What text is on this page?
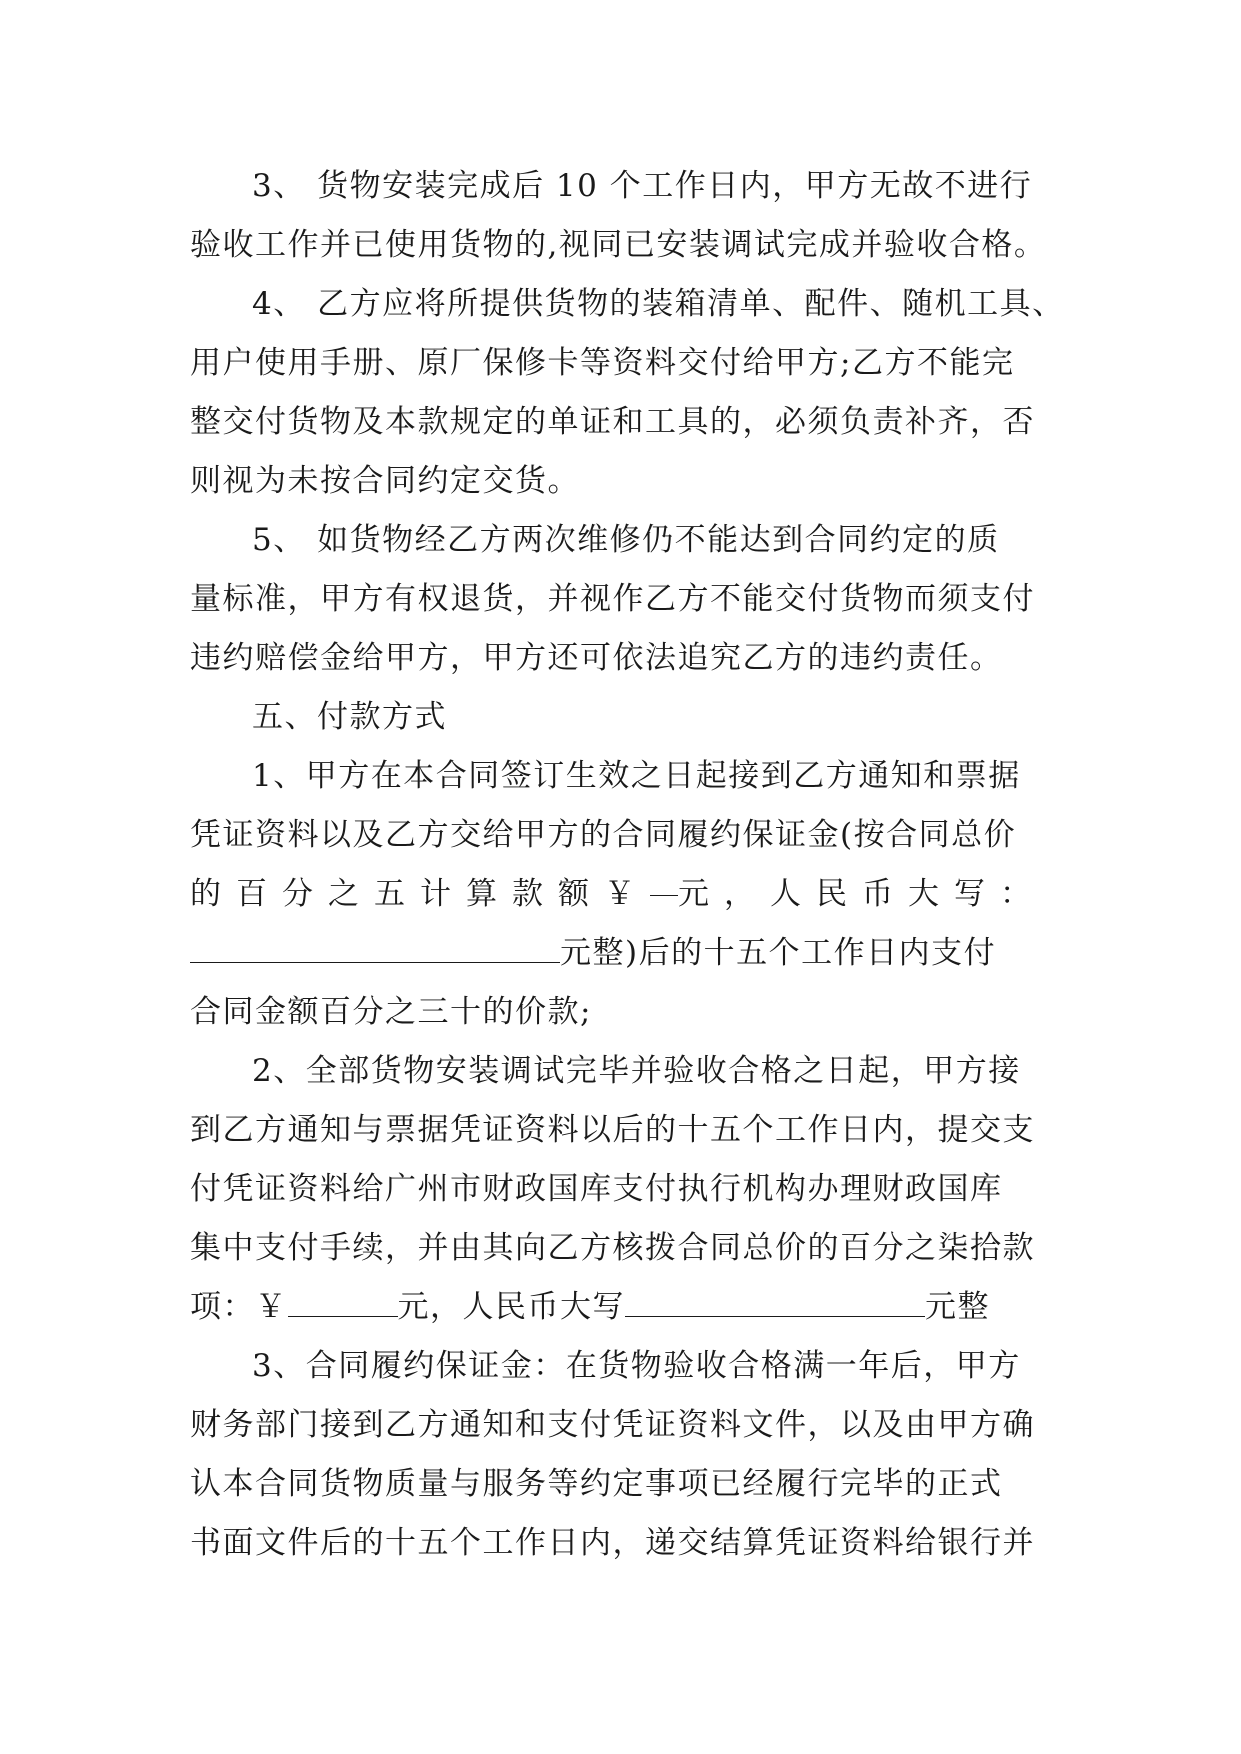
3、 货物安装完成后 10 个工作日内，甲方无故不进行
验收工作并已使用货物的,视同已安装调试完成并验收合格。

4、 乙方应将所提供货物的装箱清单、配件、随机工具、
用户使用手册、原厂保修卡等资料交付给甲方;乙方不能完
整交付货物及本款规定的单证和工具的，必须负责补齐，否
则视为未按合同约定交货。

5、 如货物经乙方两次维修仍不能达到合同约定的质
量标准，甲方有权退货，并视作乙方不能交付货物而须支付
违约赔偿金给甲方，甲方还可依法追究乙方的违约责任。

五、付款方式

1、甲方在本合同签订生效之日起接到乙方通知和票据
凭证资料以及乙方交给甲方的合同履约保证金(按合同总价
的百分之五计算款额￥ 元，人民币大写：
元整)后的十五个工作日内支付
合同金额百分之三十的价款;

2、全部货物安装调试完毕并验收合格之日起，甲方接
到乙方通知与票据凭证资料以后的十五个工作日内，提交支
付凭证资料给广州市财政国库支付执行机构办理财政国库
集中支付手续，并由其向乙方核拨合同总价的百分之柒拾款
项：￥	元，人民币大写	元整

3、合同履约保证金：在货物验收合格满一年后，甲方
财务部门接到乙方通知和支付凭证资料文件，以及由甲方确
认本合同货物质量与服务等约定事项已经履行完毕的正式
书面文件后的十五个工作日内，递交结算凭证资料给银行并
